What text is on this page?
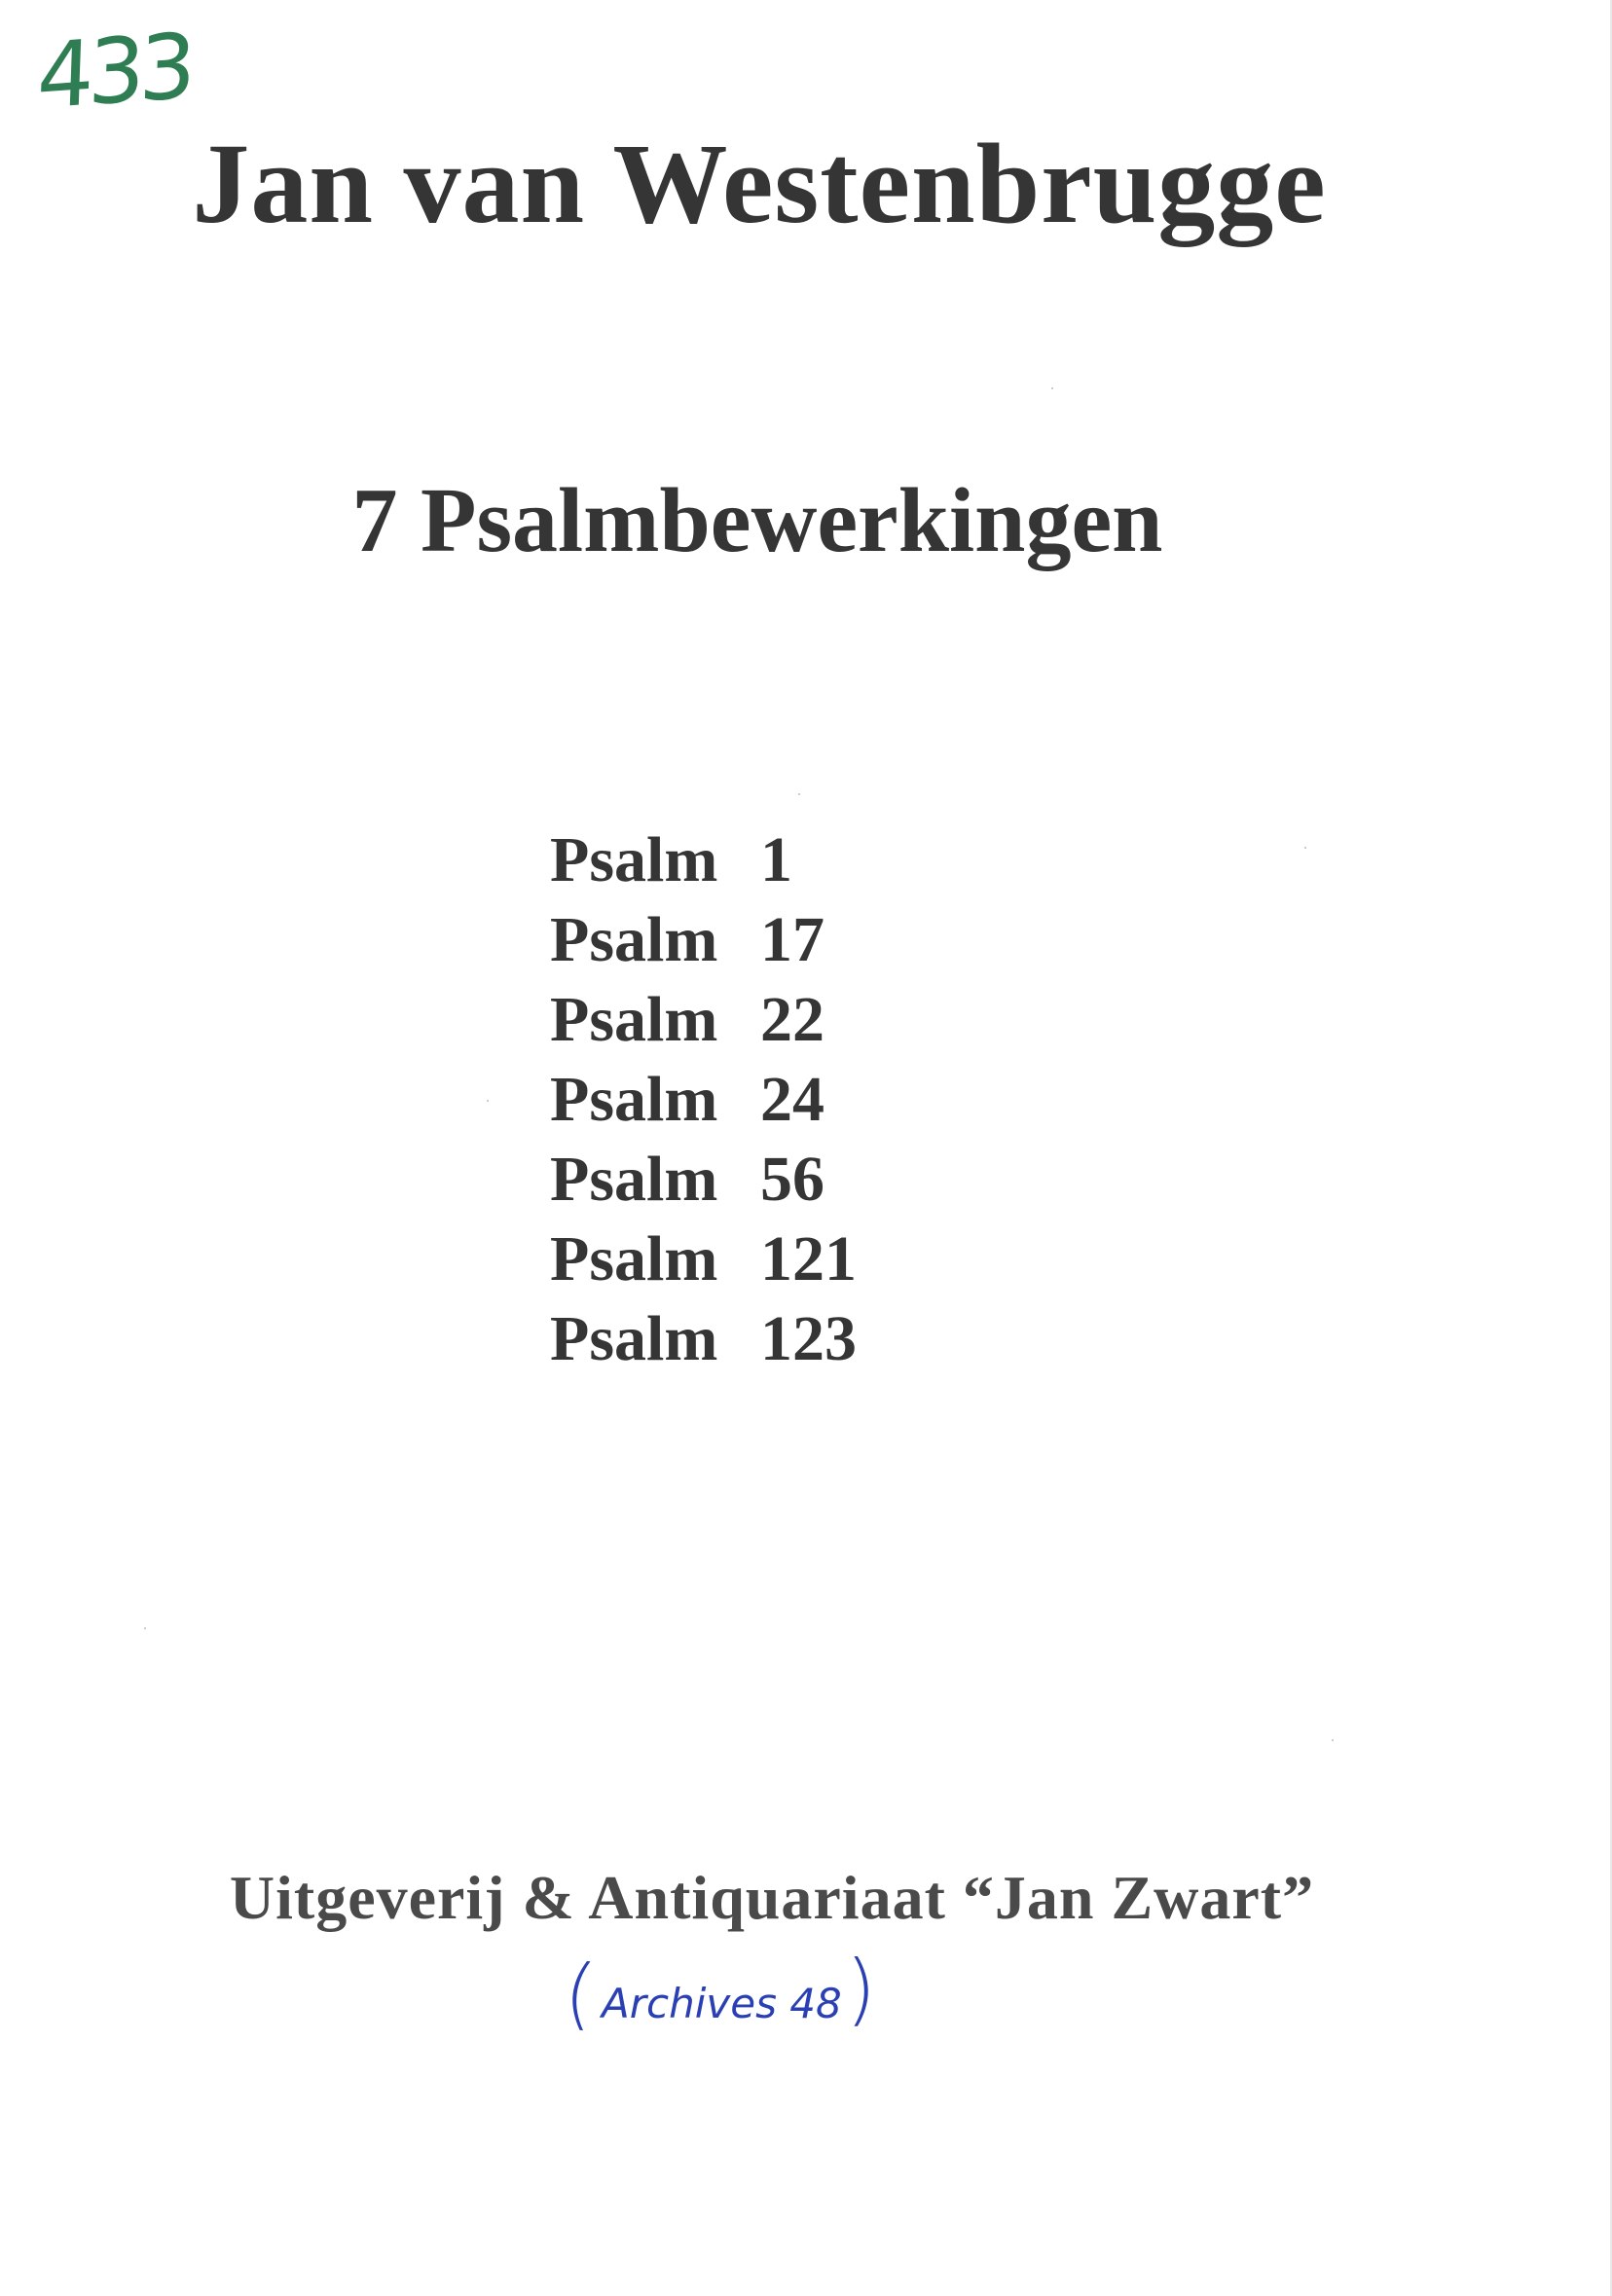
433
Jan van Westenbrugge
7 Psalmbewerkingen
Psalm 1
Psalm 17
Psalm 22
Psalm 24
Psalm 56
Psalm 121
Psalm 123
Uitgeverij & Antiquariaat “Jan Zwart”
( Archives 48 )
